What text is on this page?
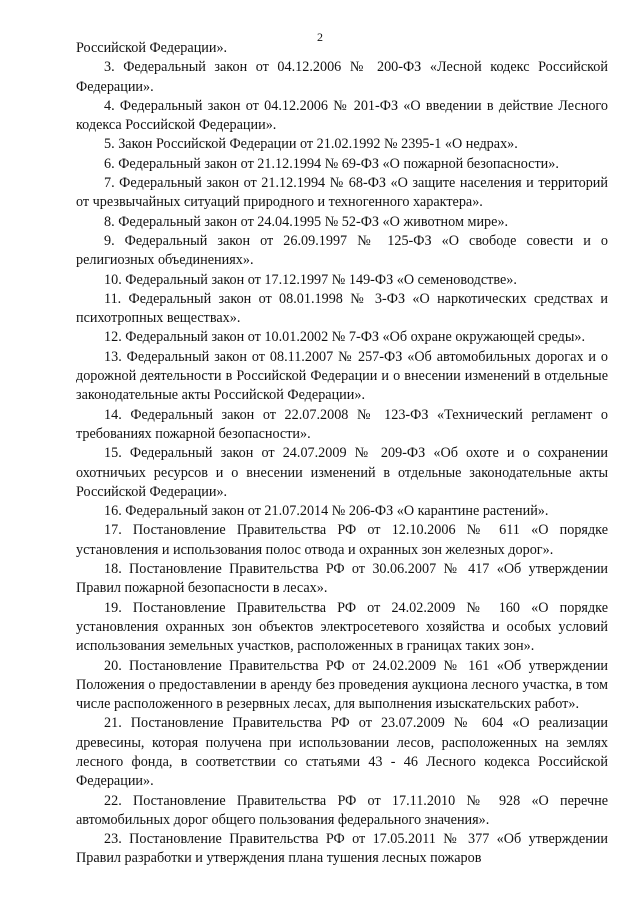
2

Российской Федерации».

3. Федеральный закон от 04.12.2006 № 200-ФЗ «Лесной кодекс Российской Федерации».

4. Федеральный закон от 04.12.2006 № 201-ФЗ «О введении в действие Лесного кодекса Российской Федерации».

5. Закон Российской Федерации от 21.02.1992 № 2395-1 «О недрах».

6. Федеральный закон от 21.12.1994 № 69-ФЗ «О пожарной безопасности».

7. Федеральный закон от 21.12.1994 № 68-ФЗ «О защите населения и территорий от чрезвычайных ситуаций природного и техногенного характера».

8. Федеральный закон от 24.04.1995 № 52-ФЗ «О животном мире».

9. Федеральный закон от 26.09.1997 № 125-ФЗ «О свободе совести и о религиозных объединениях».

10. Федеральный закон от 17.12.1997 № 149-ФЗ «О семеноводстве».

11. Федеральный закон от 08.01.1998 № 3-ФЗ «О наркотических средствах и психотропных веществах».

12. Федеральный закон от 10.01.2002 № 7-ФЗ «Об охране окружающей среды».

13. Федеральный закон от 08.11.2007 № 257-ФЗ «Об автомобильных дорогах и о дорожной деятельности в Российской Федерации и о внесении изменений в отдельные законодательные акты Российской Федерации».

14. Федеральный закон от 22.07.2008 № 123-ФЗ «Технический регламент о требованиях пожарной безопасности».

15. Федеральный закон от 24.07.2009 № 209-ФЗ «Об охоте и о сохранении охотничьих ресурсов и о внесении изменений в отдельные законодательные акты Российской Федерации».

16. Федеральный закон от 21.07.2014 № 206-ФЗ «О карантине растений».

17. Постановление Правительства РФ от 12.10.2006 № 611 «О порядке установления и использования полос отвода и охранных зон железных дорог».

18. Постановление Правительства РФ от 30.06.2007 № 417 «Об утверждении Правил пожарной безопасности в лесах».

19. Постановление Правительства РФ от 24.02.2009 № 160 «О порядке установления охранных зон объектов электросетевого хозяйства и особых условий использования земельных участков, расположенных в границах таких зон».

20. Постановление Правительства РФ от 24.02.2009 № 161 «Об утверждении Положения о предоставлении в аренду без проведения аукциона лесного участка, в том числе расположенного в резервных лесах, для выполнения изыскательских работ».

21. Постановление Правительства РФ от 23.07.2009 № 604 «О реализации древесины, которая получена при использовании лесов, расположенных на землях лесного фонда, в соответствии со статьями 43 - 46 Лесного кодекса Российской Федерации».

22. Постановление Правительства РФ от 17.11.2010 № 928 «О перечне автомобильных дорог общего пользования федерального значения».

23. Постановление Правительства РФ от 17.05.2011 № 377 «Об утверждении Правил разработки и утверждения плана тушения лесных пожаров
